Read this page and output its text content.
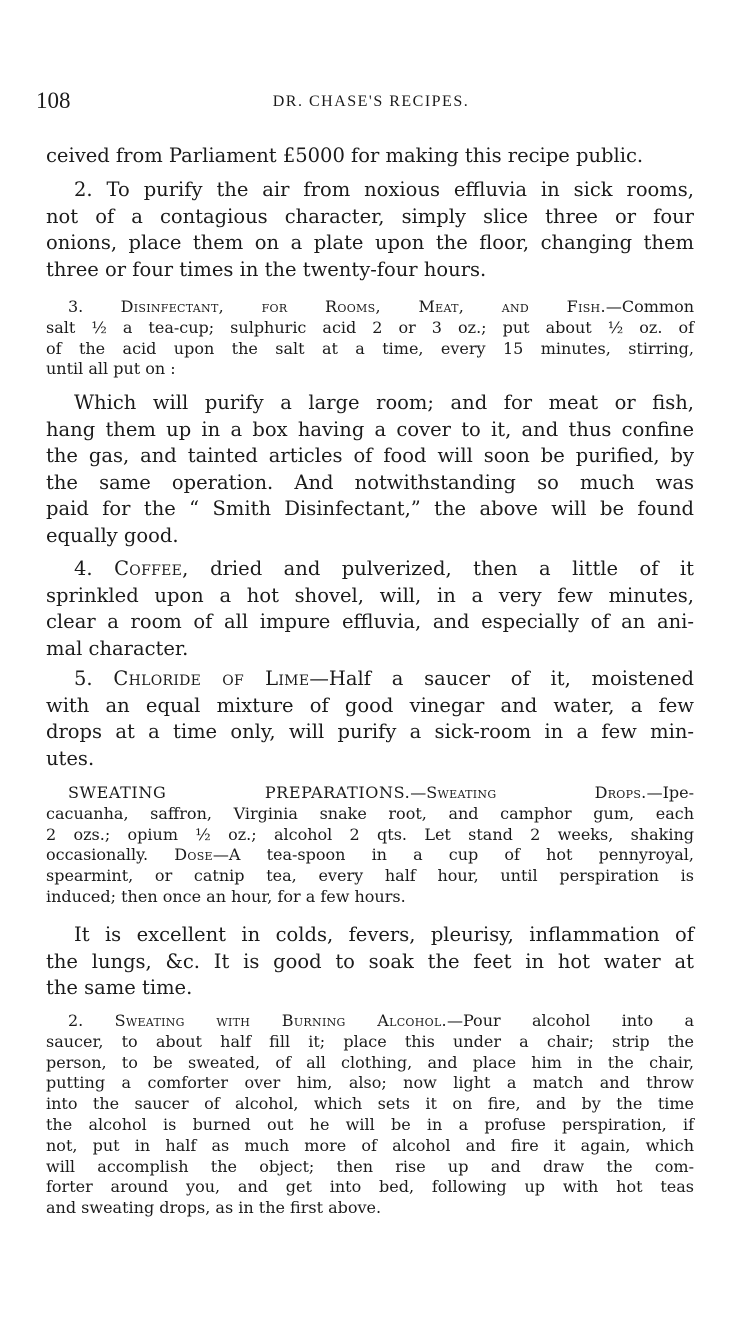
108	DR. CHASE'S RECIPES.
ceived from Parliament £5000 for making this recipe public.
2. To purify the air from noxious effluvia in sick rooms,
not of a contagious character, simply slice three or four
onions, place them on a plate upon the floor, changing them
three or four times in the twenty-four hours.
3. Disinfectant, for Rooms, Meat, and Fish.—Common
salt ½ a tea-cup; sulphuric acid 2 or 3 oz.; put about ½ oz. of
of the acid upon the salt at a time, every 15 minutes, stirring,
until all put on :
Which will purify a large room; and for meat or fish,
hang them up in a box having a cover to it, and thus confine
the gas, and tainted articles of food will soon be purified, by
the same operation. And notwithstanding so much was
paid for the “ Smith Disinfectant,” the above will be found
equally good.
4. Coffee, dried and pulverized, then a little of it
sprinkled upon a hot shovel, will, in a very few minutes,
clear a room of all impure effluvia, and especially of an ani-
mal character.
5. Chloride of Lime—Half a saucer of it, moistened
with an equal mixture of good vinegar and water, a few
drops at a time only, will purify a sick-room in a few min-
utes.
SWEATING PREPARATIONS.—Sweating Drops.—Ipe-
cacuanha, saffron, Virginia snake root, and camphor gum, each
2 ozs.; opium ½ oz.; alcohol 2 qts. Let stand 2 weeks, shaking
occasionally. Dose—A tea-spoon in a cup of hot pennyroyal,
spearmint, or catnip tea, every half hour, until perspiration is
induced; then once an hour, for a few hours.
It is excellent in colds, fevers, pleurisy, inflammation of
the lungs, &c. It is good to soak the feet in hot water at
the same time.
2. Sweating with Burning Alcohol.—Pour alcohol into a
saucer, to about half fill it; place this under a chair; strip the
person, to be sweated, of all clothing, and place him in the chair,
putting a comforter over him, also; now light a match and throw
into the saucer of alcohol, which sets it on fire, and by the time
the alcohol is burned out he will be in a profuse perspiration, if
not, put in half as much more of alcohol and fire it again, which
will accomplish the object; then rise up and draw the com-
forter around you, and get into bed, following up with hot teas
and sweating drops, as in the first above.
